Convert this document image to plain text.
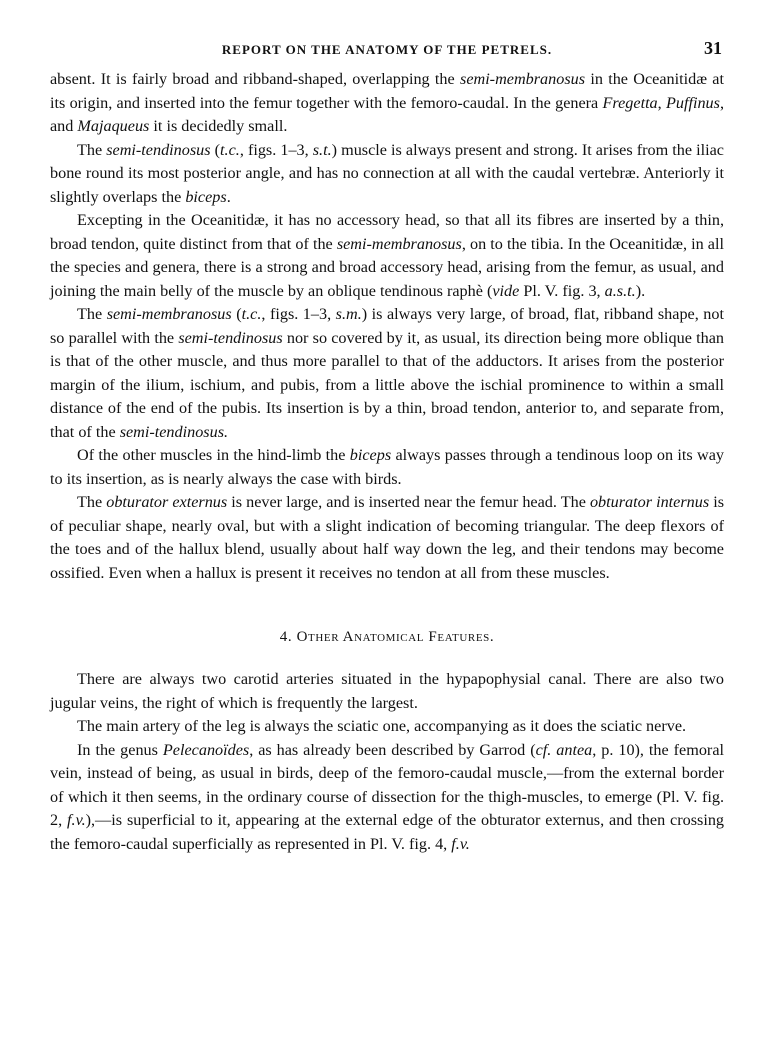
REPORT ON THE ANATOMY OF THE PETRELS.	31

absent. It is fairly broad and ribband-shaped, overlapping the semi-membranosus in the Oceanitidæ at its origin, and inserted into the femur together with the femoro-caudal. In the genera Fregetta, Puffinus, and Majaqueus it is decidedly small.

The semi-tendinosus (t.c., figs. 1–3, s.t.) muscle is always present and strong. It arises from the iliac bone round its most posterior angle, and has no connection at all with the caudal vertebræ. Anteriorly it slightly overlaps the biceps.

Excepting in the Oceanitidæ, it has no accessory head, so that all its fibres are inserted by a thin, broad tendon, quite distinct from that of the semi-membranosus, on to the tibia. In the Oceanitidæ, in all the species and genera, there is a strong and broad accessory head, arising from the femur, as usual, and joining the main belly of the muscle by an oblique tendinous raphè (vide Pl. V. fig. 3, a.s.t.).

The semi-membranosus (t.c., figs. 1–3, s.m.) is always very large, of broad, flat, ribband shape, not so parallel with the semi-tendinosus nor so covered by it, as usual, its direction being more oblique than is that of the other muscle, and thus more parallel to that of the adductors. It arises from the posterior margin of the ilium, ischium, and pubis, from a little above the ischial prominence to within a small distance of the end of the pubis. Its insertion is by a thin, broad tendon, anterior to, and separate from, that of the semi-tendinosus.

Of the other muscles in the hind-limb the biceps always passes through a tendinous loop on its way to its insertion, as is nearly always the case with birds.

The obturator externus is never large, and is inserted near the femur head. The obturator internus is of peculiar shape, nearly oval, but with a slight indication of becoming triangular. The deep flexors of the toes and of the hallux blend, usually about half way down the leg, and their tendons may become ossified. Even when a hallux is present it receives no tendon at all from these muscles.

4. Other Anatomical Features.

There are always two carotid arteries situated in the hypapophysial canal. There are also two jugular veins, the right of which is frequently the largest.

The main artery of the leg is always the sciatic one, accompanying as it does the sciatic nerve.

In the genus Pelecanoïdes, as has already been described by Garrod (cf. antea, p. 10), the femoral vein, instead of being, as usual in birds, deep of the femoro-caudal muscle,—from the external border of which it then seems, in the ordinary course of dissection for the thigh-muscles, to emerge (Pl. V. fig. 2, f.v.),—is superficial to it, appearing at the external edge of the obturator externus, and then crossing the femoro-caudal superficially as represented in Pl. V. fig. 4, f.v.
